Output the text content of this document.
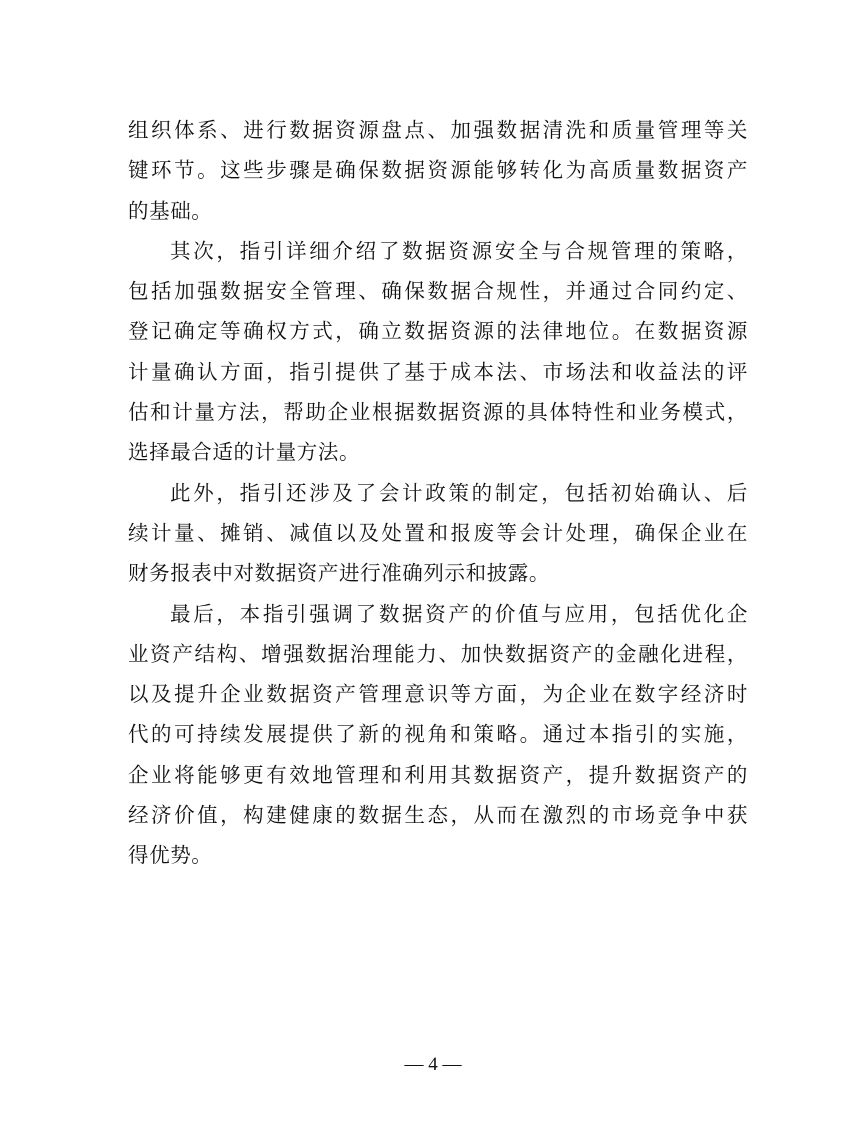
组织体系、进行数据资源盘点、加强数据清洗和质量管理等关
键环节。这些步骤是确保数据资源能够转化为高质量数据资产
的基础。
其次，指引详细介绍了数据资源安全与合规管理的策略，
包括加强数据安全管理、确保数据合规性，并通过合同约定、
登记确定等确权方式，确立数据资源的法律地位。在数据资源
计量确认方面，指引提供了基于成本法、市场法和收益法的评
估和计量方法，帮助企业根据数据资源的具体特性和业务模式，
选择最合适的计量方法。
此外，指引还涉及了会计政策的制定，包括初始确认、后
续计量、摊销、减值以及处置和报废等会计处理，确保企业在
财务报表中对数据资产进行准确列示和披露。
最后，本指引强调了数据资产的价值与应用，包括优化企
业资产结构、增强数据治理能力、加快数据资产的金融化进程，
以及提升企业数据资产管理意识等方面，为企业在数字经济时
代的可持续发展提供了新的视角和策略。通过本指引的实施，
企业将能够更有效地管理和利用其数据资产，提升数据资产的
经济价值，构建健康的数据生态，从而在激烈的市场竞争中获
得优势。
— 4 —
